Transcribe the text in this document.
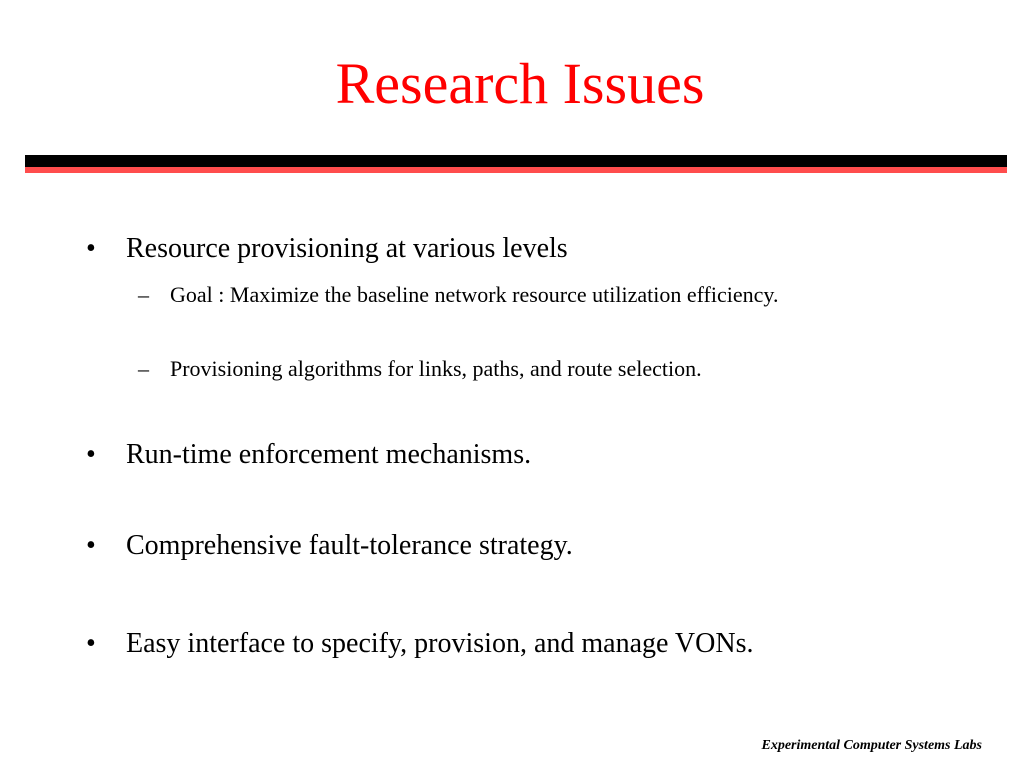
Research Issues
• Resource provisioning at various levels
– Goal : Maximize the baseline network resource utilization efficiency.
– Provisioning algorithms for links, paths, and route selection.
• Run-time enforcement mechanisms.
• Comprehensive fault-tolerance strategy.
• Easy interface to specify, provision, and manage VONs.
Experimental Computer Systems Labs
